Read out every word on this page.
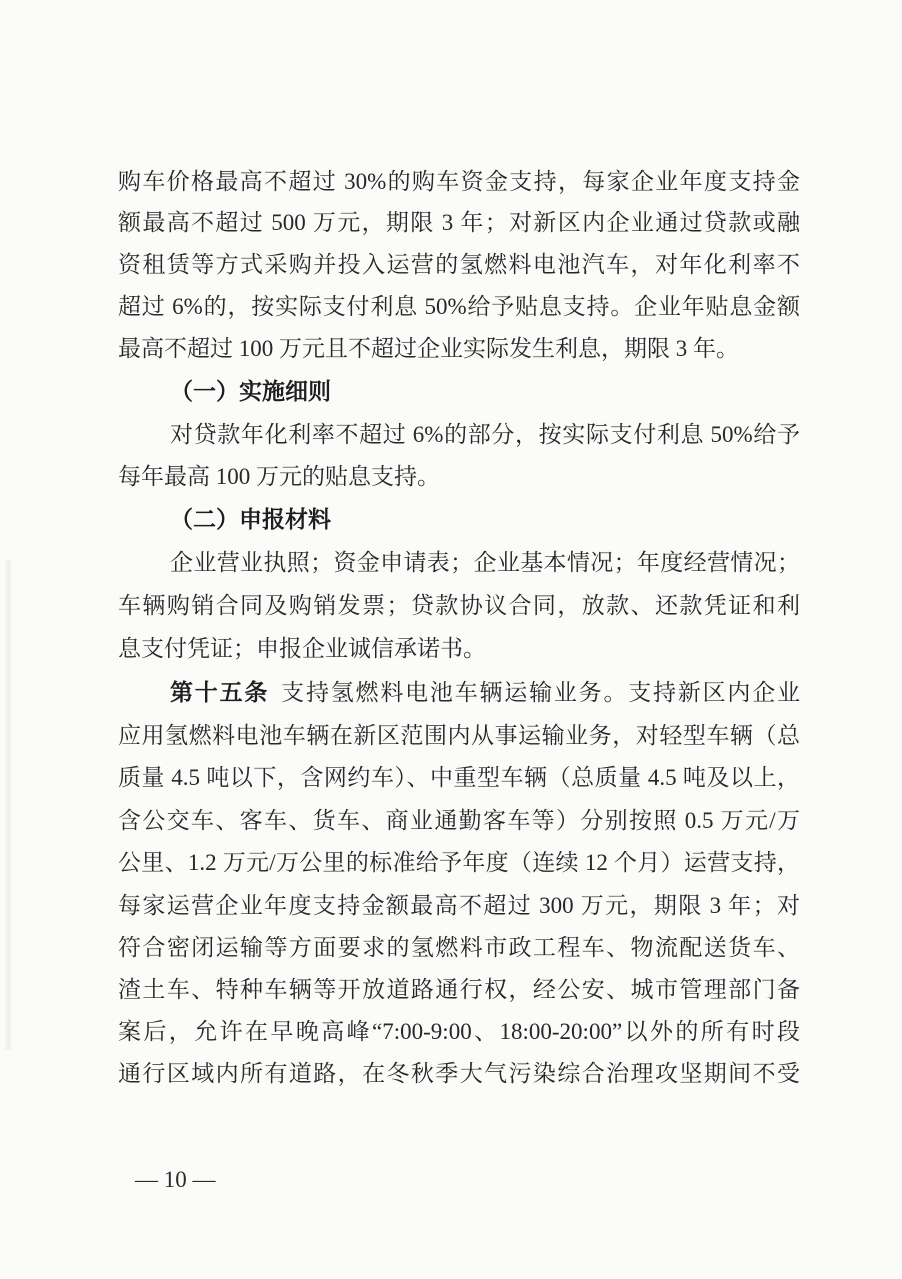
购车价格最高不超过 30%的购车资金支持，每家企业年度支持金
额最高不超过 500 万元，期限 3 年；对新区内企业通过贷款或融
资租赁等方式采购并投入运营的氢燃料电池汽车，对年化利率不
超过 6%的，按实际支付利息 50%给予贴息支持。企业年贴息金额
最高不超过 100 万元且不超过企业实际发生利息，期限 3 年。
（一）实施细则
对贷款年化利率不超过 6%的部分，按实际支付利息 50%给予
每年最高 100 万元的贴息支持。
（二）申报材料
企业营业执照；资金申请表；企业基本情况；年度经营情况；
车辆购销合同及购销发票；贷款协议合同，放款、还款凭证和利
息支付凭证；申报企业诚信承诺书。
第十五条 支持氢燃料电池车辆运输业务。支持新区内企业
应用氢燃料电池车辆在新区范围内从事运输业务，对轻型车辆（总
质量 4.5 吨以下，含网约车）、中重型车辆（总质量 4.5 吨及以上，
含公交车、客车、货车、商业通勤客车等）分别按照 0.5 万元/万
公里、1.2 万元/万公里的标准给予年度（连续 12 个月）运营支持，
每家运营企业年度支持金额最高不超过 300 万元，期限 3 年；对
符合密闭运输等方面要求的氢燃料市政工程车、物流配送货车、
渣土车、特种车辆等开放道路通行权，经公安、城市管理部门备
案后，允许在早晚高峰“7:00-9:00、18:00-20:00”以外的所有时段
通行区域内所有道路，在冬秋季大气污染综合治理攻坚期间不受
— 10 —
